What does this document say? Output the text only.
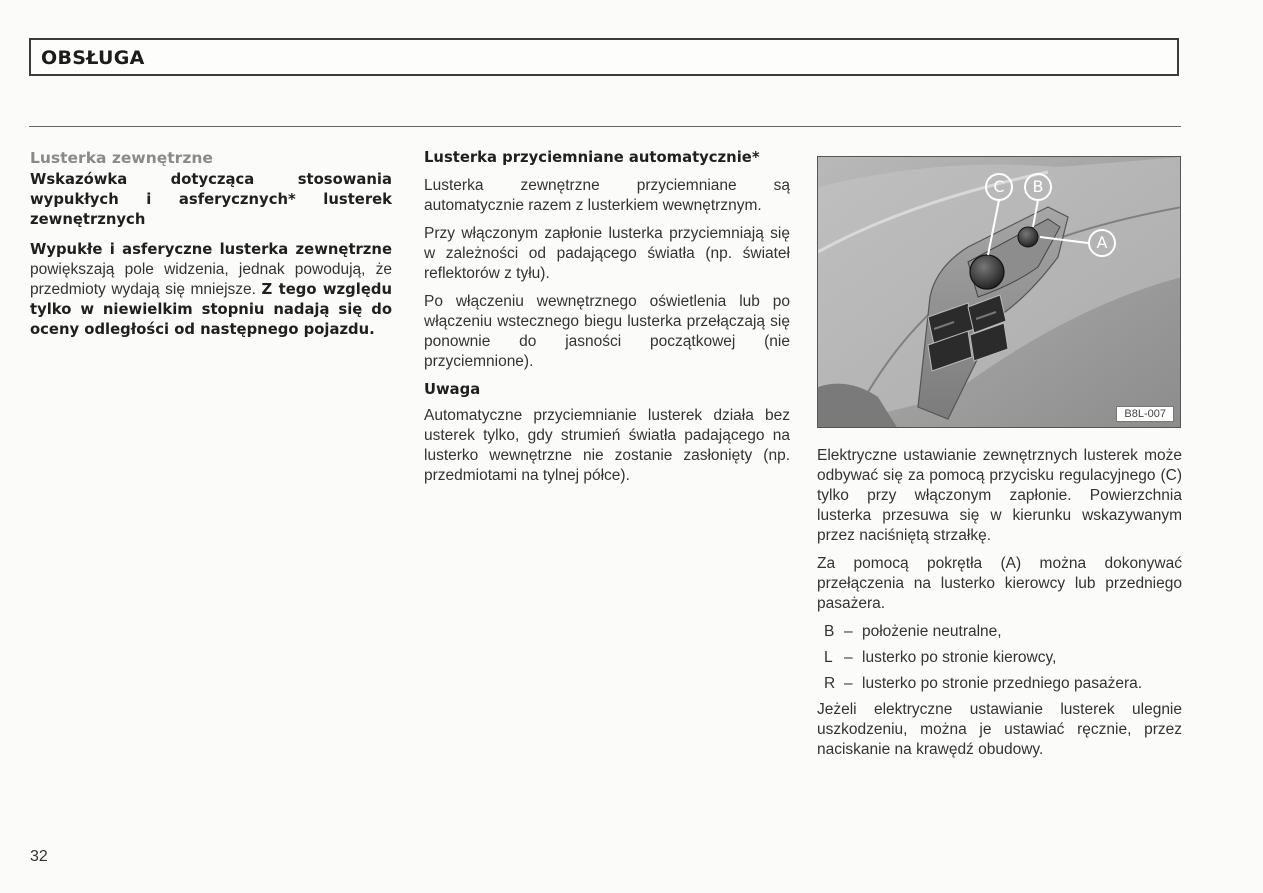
OBSŁUGA
Lusterka zewnętrzne
Wskazówka dotycząca stosowania wypukłych i asferycznych* lusterek zewnętrznych

Wypukłe i asferyczne lusterka zewnętrzne powiększają pole widzenia, jednak powodują, że przedmioty wydają się mniejsze. Z tego względu tylko w niewielkim stopniu nadają się do oceny odległości od następnego pojazdu.

Lusterka przyciemniane automatycznie*

Lusterka zewnętrzne przyciemniane są automatycznie razem z lusterkiem wewnętrznym.

Przy włączonym zapłonie lusterka przyciemniają się w zależności od padającego światła (np. świateł reflektorów z tyłu).

Po włączeniu wewnętrznego oświetlenia lub po włączeniu wstecznego biegu lusterka przełączają się ponownie do jasności początkowej (nie przyciemnione).

Uwaga

Automatyczne przyciemnianie lusterek działa bez usterek tylko, gdy strumień światła padającego na lusterko wewnętrzne nie zostanie zasłonięty (np. przedmiotami na tylnej półce).

C	B
A
B8L-007

Elektryczne ustawianie zewnętrznych lusterek może odbywać się za pomocą przycisku regulacyjnego (C) tylko przy włączonym zapłonie. Powierzchnia lusterka przesuwa się w kierunku wskazywanym przez naciśniętą strzałkę.

Za pomocą pokrętła (A) można dokonywać przełączenia na lusterko kierowcy lub przedniego pasażera.

B – położenie neutralne,
L – lusterko po stronie kierowcy,
R – lusterko po stronie przedniego pasażera.

Jeżeli elektryczne ustawianie lusterek ulegnie uszkodzeniu, można je ustawiać ręcznie, przez naciskanie na krawędź obudowy.

32
